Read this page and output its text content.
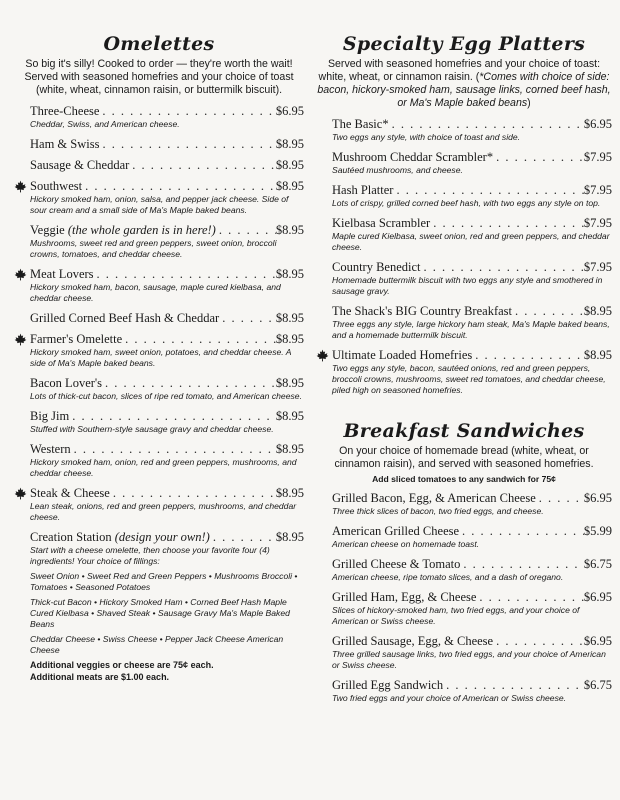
Omelettes

So big it's silly! Cooked to order — they're worth the wait! Served with seasoned homefries and your choice of toast (white, wheat, cinnamon raisin, or buttermilk biscuit).

Three-Cheese . . .	$6.95
Cheddar, Swiss, and American cheese.
Ham & Swiss . . .	$8.95
Sausage & Cheddar . . .	$8.95
Southwest . . .	$8.95
Hickory smoked ham, onion, salsa, and pepper jack cheese. Side of sour cream and a small side of Ma's Maple baked beans.
Veggie (the whole garden is in here!) . . .	$8.95
Mushrooms, sweet red and green peppers, sweet onion, broccoli crowns, tomatoes, and cheddar cheese.
Meat Lovers . . .	$8.95
Hickory smoked ham, bacon, sausage, maple cured kielbasa, and cheddar cheese.
Grilled Corned Beef Hash & Cheddar . . .	$8.95
Farmer's Omelette . . .	$8.95
Hickory smoked ham, sweet onion, potatoes, and cheddar cheese. A side of Ma's Maple baked beans.
Bacon Lover's . . .	$8.95
Lots of thick-cut bacon, slices of ripe red tomato, and American cheese.
Big Jim . . .	$8.95
Stuffed with Southern-style sausage gravy and cheddar cheese.
Western . . .	$8.95
Hickory smoked ham, onion, red and green peppers, mushrooms, and cheddar cheese.
Steak & Cheese . . .	$8.95
Lean steak, onions, red and green peppers, mushrooms, and cheddar cheese.
Creation Station (design your own!) . . .	$8.95
Start with a cheese omelette, then choose your favorite four (4) ingredients! Your choice of fillings:

Sweet Onion • Sweet Red and Green Peppers • Mushrooms Broccoli • Tomatoes • Seasoned Potatoes

Thick-cut Bacon • Hickory Smoked Ham • Corned Beef Hash Maple Cured Kielbasa • Shaved Steak • Sausage Gravy Ma's Maple Baked Beans

Cheddar Cheese • Swiss Cheese • Pepper Jack Cheese American Cheese

Additional veggies or cheese are 75¢ each.
Additional meats are $1.00 each.
Specialty Egg Platters

Served with seasoned homefries and your choice of toast: white, wheat, or cinnamon raisin. (*Comes with choice of side: bacon, hickory-smoked ham, sausage links, corned beef hash, or Ma's Maple baked beans)

The Basic* . . .	$6.95
Two eggs any style, with choice of toast and side.
Mushroom Cheddar Scrambler* . . .	$7.95
Sautéed mushrooms, and cheese.
Hash Platter . . .	$7.95
Lots of crispy, grilled corned beef hash, with two eggs any style on top.
Kielbasa Scrambler . . .	$7.95
Maple cured Kielbasa, sweet onion, red and green peppers, and cheddar cheese.
Country Benedict . . .	$7.95
Homemade buttermilk biscuit with two eggs any style and smothered in sausage gravy.
The Shack's BIG Country Breakfast . . .	$8.95
Three eggs any style, large hickory ham steak, Ma's Maple baked beans, and a homemade buttermilk biscuit.
Ultimate Loaded Homefries . . .	$8.95
Two eggs any style, bacon, sautéed onions, red and green peppers, broccoli crowns, mushrooms, sweet red tomatoes, and cheddar cheese, piled high on seasoned homefries.
Breakfast Sandwiches

On your choice of homemade bread (white, wheat, or cinnamon raisin), and served with seasoned homefries.

Add sliced tomatoes to any sandwich for 75¢
Grilled Bacon, Egg, & American Cheese . . .	$6.95
Three thick slices of bacon, two fried eggs, and cheese.
American Grilled Cheese . . .	$5.99
American cheese on homemade toast.
Grilled Cheese & Tomato . . .	$6.75
American cheese, ripe tomato slices, and a dash of oregano.
Grilled Ham, Egg, & Cheese . . .	$6.95
Slices of hickory-smoked ham, two fried eggs, and your choice of American or Swiss cheese.
Grilled Sausage, Egg, & Cheese . . .	$6.95
Three grilled sausage links, two fried eggs, and your choice of American or Swiss cheese.
Grilled Egg Sandwich . . .	$6.75
Two fried eggs and your choice of American or Swiss cheese.
